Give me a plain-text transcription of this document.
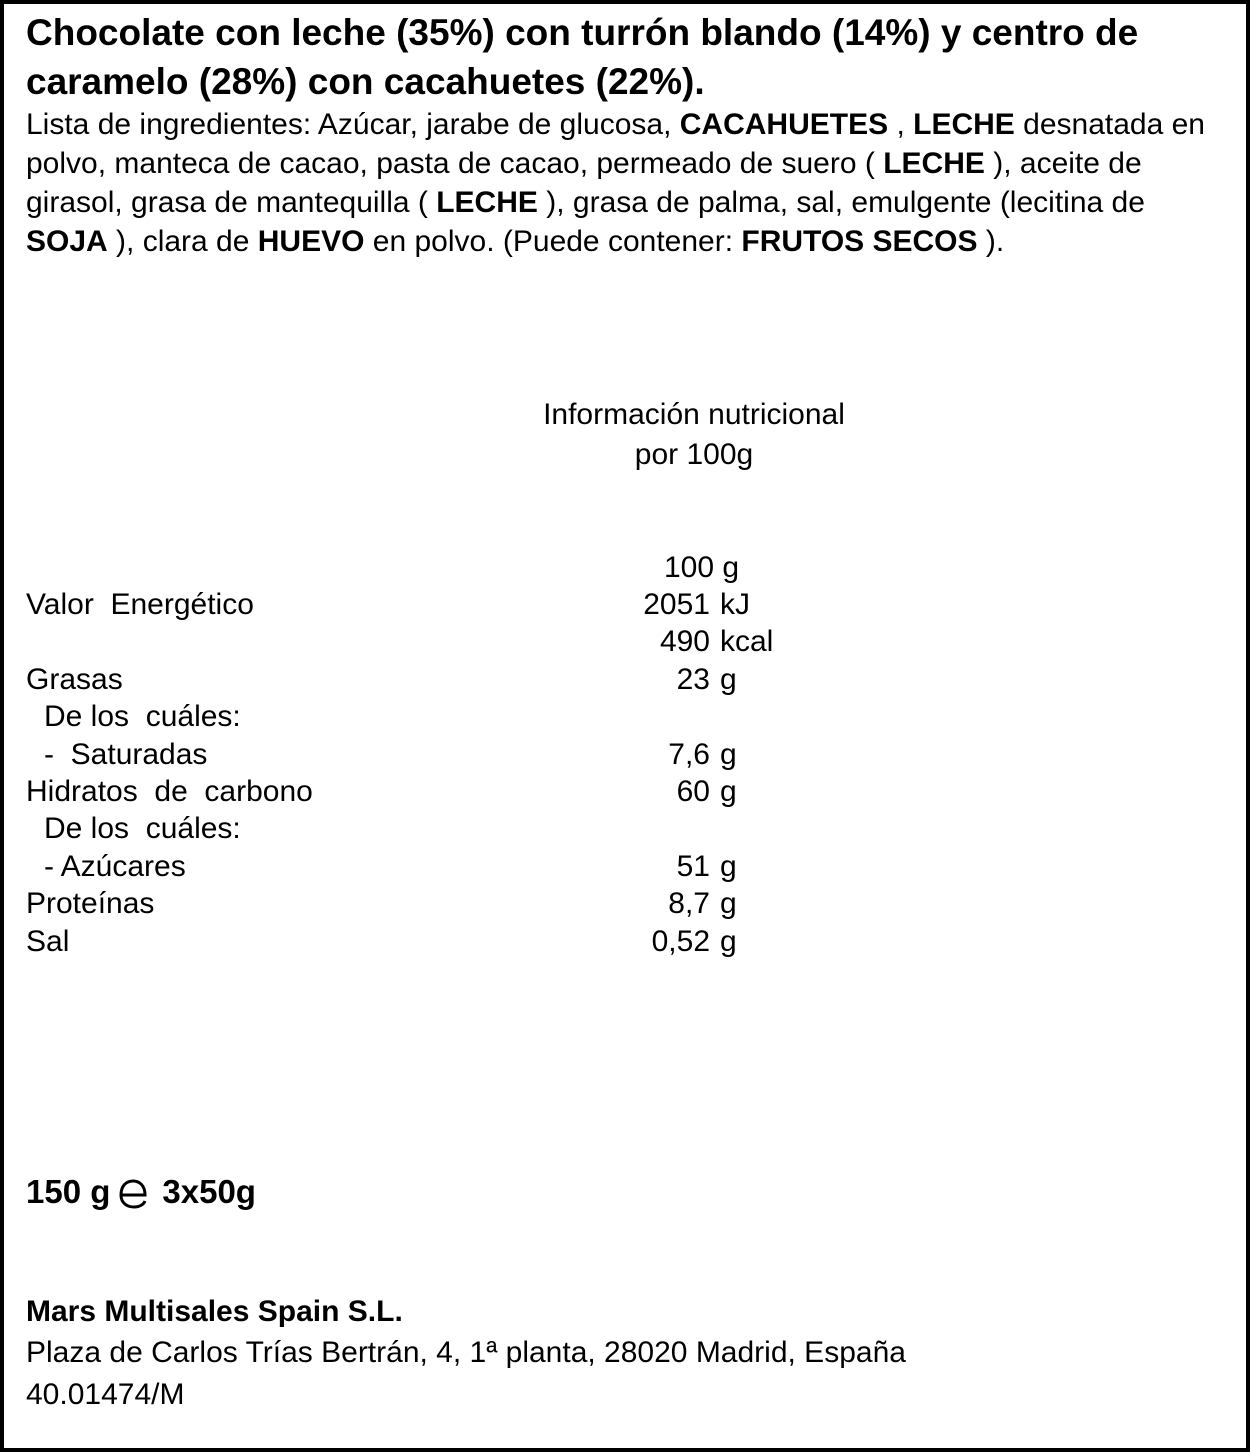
Chocolate con leche (35%) con turrón blando (14%) y centro de caramelo (28%) con cacahuetes (22%).

Lista de ingredientes: Azúcar, jarabe de glucosa, CACAHUETES , LECHE desnatada en polvo, manteca de cacao, pasta de cacao, permeado de suero ( LECHE ), aceite de girasol, grasa de mantequilla ( LECHE ), grasa de palma, sal, emulgente (lecitina de SOJA ), clara de HUEVO en polvo. (Puede contener: FRUTOS SECOS ).

Información nutricional
por 100g
100 g
Valor  Energético	2051 kJ
490 kcal
Grasas	23 g
De los  cuáles:
-  Saturadas	7,6 g
Hidratos  de  carbono	60 g
De los  cuáles:
- Azúcares	51 g
Proteínas	8,7 g
Sal	0,52 g
150 g 3x50g
Mars Multisales Spain S.L.
Plaza de Carlos Trías Bertrán, 4, 1ª planta, 28020 Madrid, España
40.01474/M
